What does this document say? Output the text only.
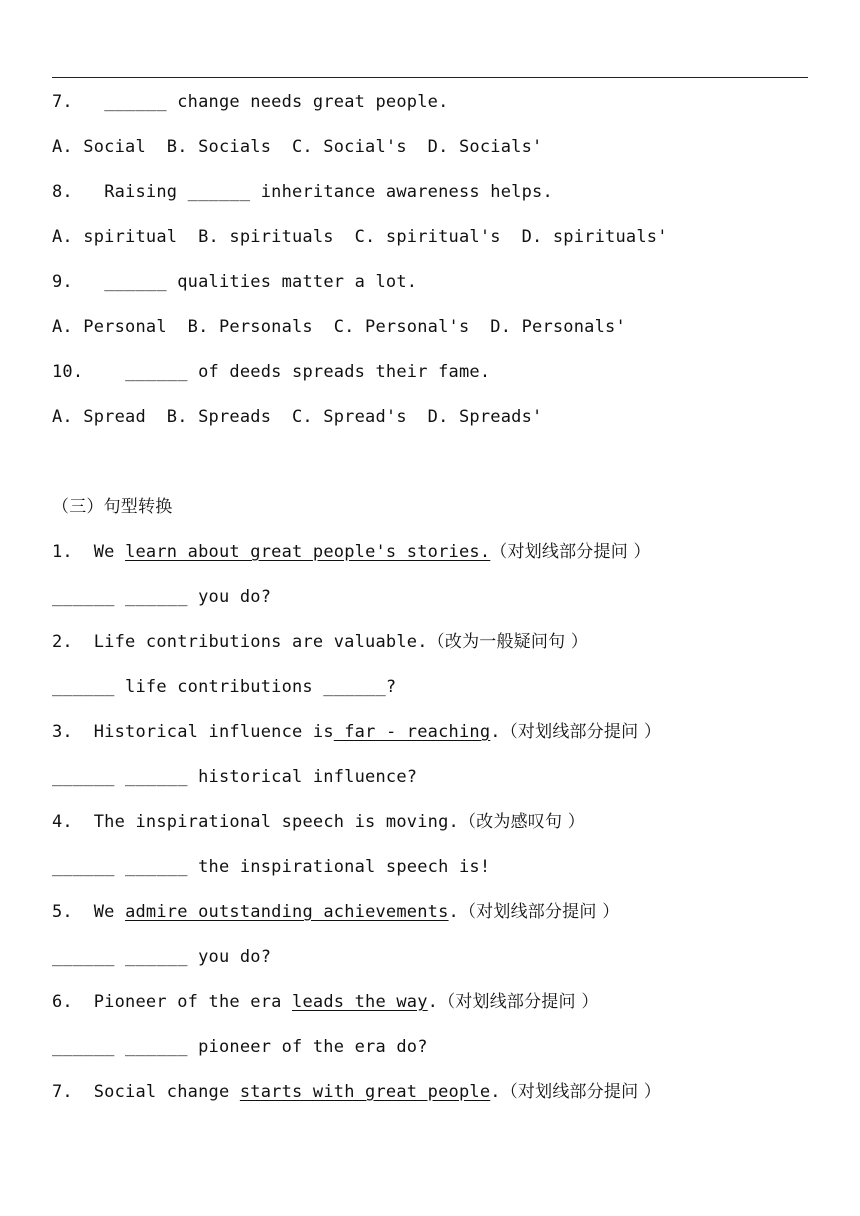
7. ______ change needs great people.
A. Social  B. Socials  C. Social's  D. Socials'
8. Raising ______ inheritance awareness helps.
A. spiritual  B. spirituals  C. spiritual's  D. spirituals'
9. ______ qualities matter a lot.
A. Personal  B. Personals  C. Personal's  D. Personals'
10. ______ of deeds spreads their fame.
A. Spread  B. Spreads  C. Spread's  D. Spreads'
（三）句型转换
1. We learn about great people's stories.（对划线部分提问 ）
______ ______ you do?
2. Life contributions are valuable.（改为一般疑问句 ）
______ life contributions ______?
3. Historical influence is far - reaching.（对划线部分提问 ）
______ ______ historical influence?
4. The inspirational speech is moving.（改为感叹句 ）
______ ______ the inspirational speech is!
5. We admire outstanding achievements.（对划线部分提问 ）
______ ______ you do?
6. Pioneer of the era leads the way.（对划线部分提问 ）
______ ______ pioneer of the era do?
7. Social change starts with great people.（对划线部分提问 ）
